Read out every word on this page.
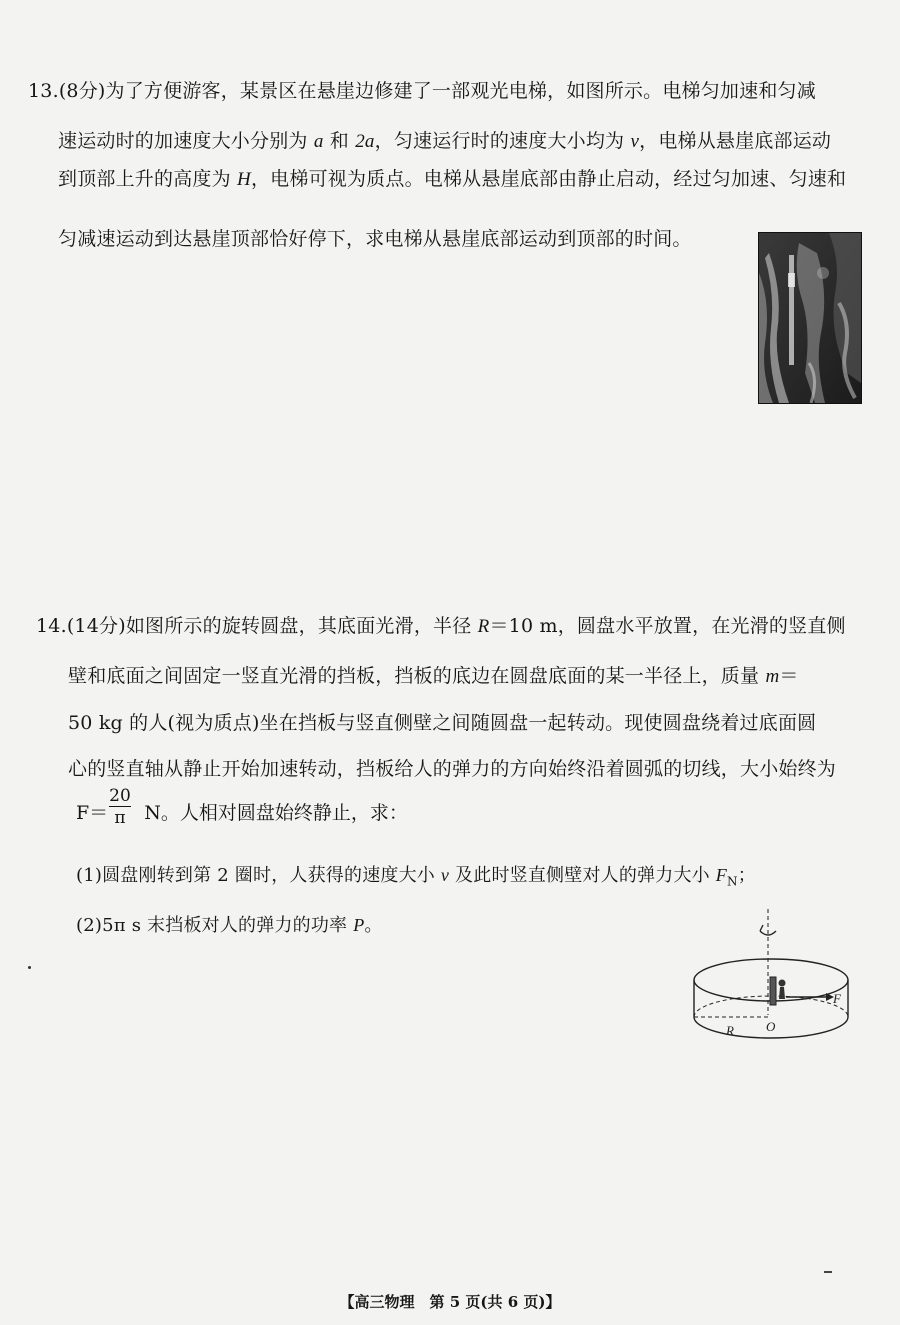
13.(8分)为了方便游客，某景区在悬崖边修建了一部观光电梯，如图所示。电梯匀加速和匀减
速运动时的加速度大小分别为 a 和 2a，匀速运行时的速度大小均为 v，电梯从悬崖底部运动
到顶部上升的高度为 H，电梯可视为质点。电梯从悬崖底部由静止启动，经过匀加速、匀速和
匀减速运动到达悬崖顶部恰好停下，求电梯从悬崖底部运动到顶部的时间。
14.(14分)如图所示的旋转圆盘，其底面光滑，半径 R＝10 m，圆盘水平放置，在光滑的竖直侧
壁和底面之间固定一竖直光滑的挡板，挡板的底边在圆盘底面的某一半径上，质量 m＝
50 kg 的人(视为质点)坐在挡板与竖直侧壁之间随圆盘一起转动。现使圆盘绕着过底面圆
心的竖直轴从静止开始加速转动，挡板给人的弹力的方向始终沿着圆弧的切线，大小始终为
F＝ N。人相对圆盘始终静止，求：
$\frac{20}{\pi}$
(1)圆盘刚转到第 2 圈时，人获得的速度大小 v 及此时竖直侧壁对人的弹力大小 $F_N$；
(2)5π s 末挡板对人的弹力的功率 P。
F
R O
【高三物理　第 5 页(共 6 页)】
